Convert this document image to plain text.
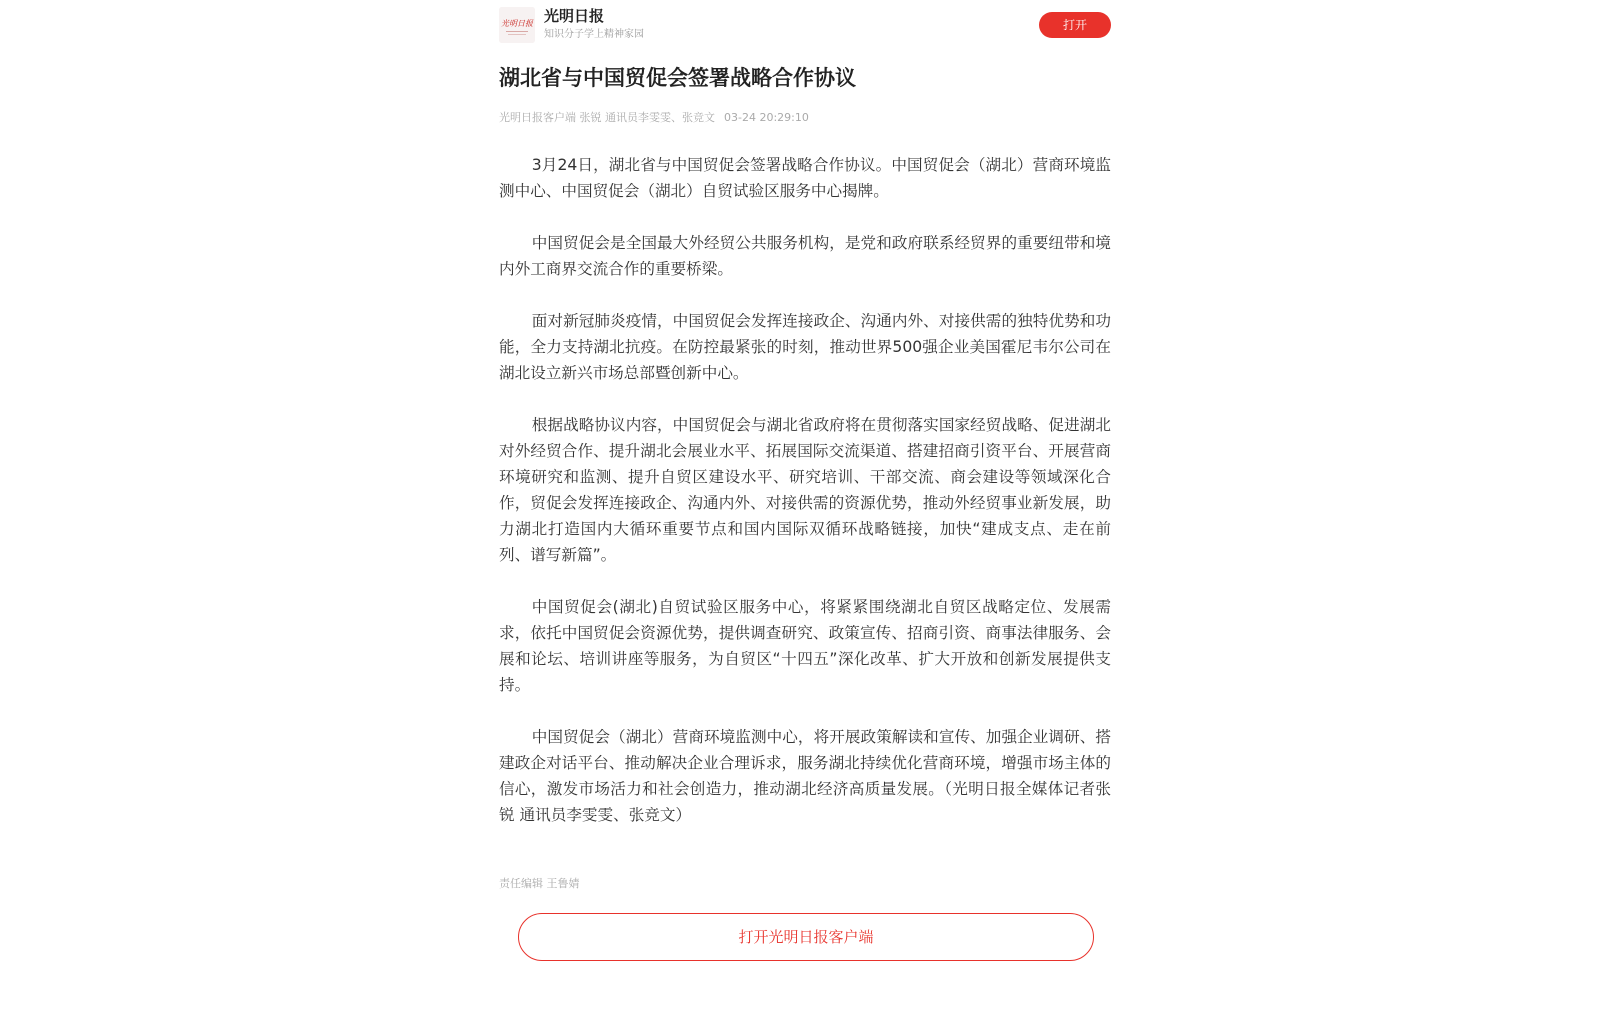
光明日报 光明日报
知识分子学上精神家园
打开
湖北省与中国贸促会签署战略合作协议
光明日报客户端 张锐 通讯员李雯雯、张竞文 03-24 20:29:10

3月24日，湖北省与中国贸促会签署战略合作协议。中国贸促会（湖北）营商环境监测中心、中国贸促会（湖北）自贸试验区服务中心揭牌。

中国贸促会是全国最大外经贸公共服务机构，是党和政府联系经贸界的重要纽带和境内外工商界交流合作的重要桥梁。

面对新冠肺炎疫情，中国贸促会发挥连接政企、沟通内外、对接供需的独特优势和功能，全力支持湖北抗疫。在防控最紧张的时刻，推动世界500强企业美国霍尼韦尔公司在湖北设立新兴市场总部暨创新中心。

根据战略协议内容，中国贸促会与湖北省政府将在贯彻落实国家经贸战略、促进湖北对外经贸合作、提升湖北会展业水平、拓展国际交流渠道、搭建招商引资平台、开展营商环境研究和监测、提升自贸区建设水平、研究培训、干部交流、商会建设等领域深化合作，贸促会发挥连接政企、沟通内外、对接供需的资源优势，推动外经贸事业新发展，助力湖北打造国内大循环重要节点和国内国际双循环战略链接，加快“建成支点、走在前列、谱写新篇”。

中国贸促会(湖北)自贸试验区服务中心，将紧紧围绕湖北自贸区战略定位、发展需求，依托中国贸促会资源优势，提供调查研究、政策宣传、招商引资、商事法律服务、会展和论坛、培训讲座等服务，为自贸区“十四五”深化改革、扩大开放和创新发展提供支持。

中国贸促会（湖北）营商环境监测中心，将开展政策解读和宣传、加强企业调研、搭建政企对话平台、推动解决企业合理诉求，服务湖北持续优化营商环境，增强市场主体的信心，激发市场活力和社会创造力，推动湖北经济高质量发展。（光明日报全媒体记者张锐 通讯员李雯雯、张竞文）

责任编辑 王鲁婧
打开光明日报客户端
